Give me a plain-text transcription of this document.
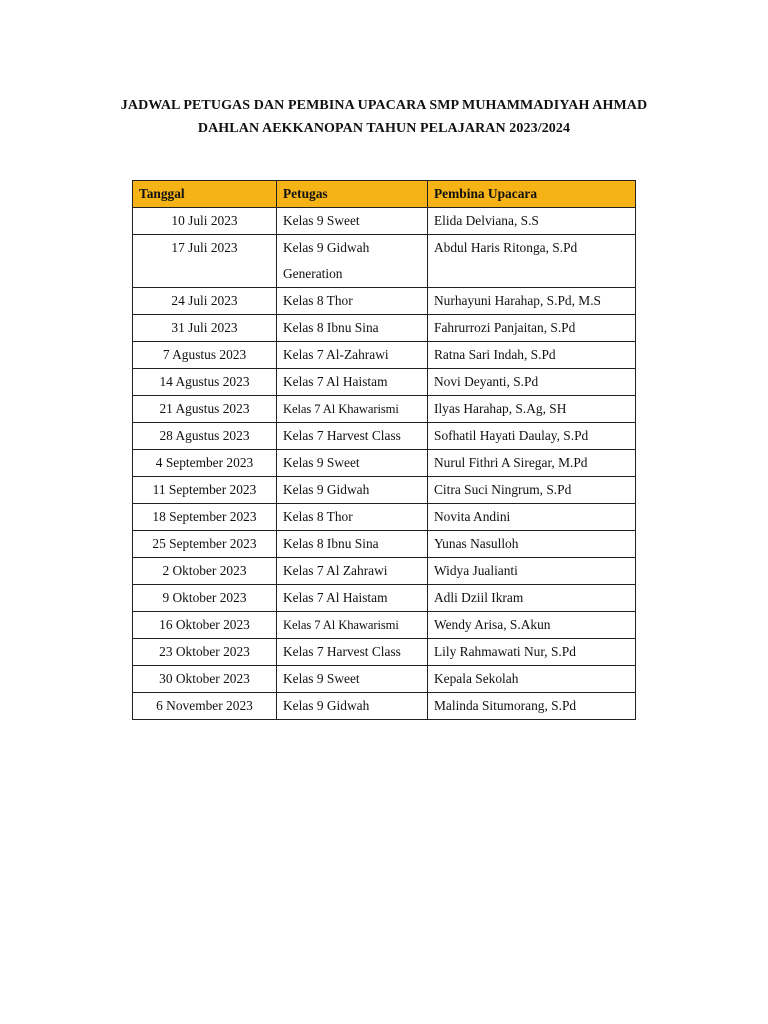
JADWAL PETUGAS DAN PEMBINA UPACARA SMP MUHAMMADIYAH AHMAD
DAHLAN AEKKANOPAN TAHUN PELAJARAN 2023/2024
Tanggal	Petugas	Pembina Upacara
10 Juli 2023	Kelas 9 Sweet	Elida Delviana, S.S
17 Juli 2023	Kelas 9 Gidwah Generation	Abdul Haris Ritonga, S.Pd
24 Juli 2023	Kelas 8 Thor	Nurhayuni Harahap, S.Pd, M.S
31 Juli 2023	Kelas 8 Ibnu Sina	Fahrurrozi Panjaitan, S.Pd
7 Agustus 2023	Kelas 7 Al-Zahrawi	Ratna Sari Indah, S.Pd
14 Agustus 2023	Kelas 7 Al Haistam	Novi Deyanti, S.Pd
21 Agustus 2023	Kelas 7 Al Khawarismi	Ilyas Harahap, S.Ag, SH
28 Agustus 2023	Kelas 7 Harvest Class	Sofhatil Hayati Daulay, S.Pd
4 September 2023	Kelas 9 Sweet	Nurul Fithri A Siregar, M.Pd
11 September 2023	Kelas 9 Gidwah	Citra Suci Ningrum, S.Pd
18 September 2023	Kelas 8 Thor	Novita Andini
25 September 2023	Kelas 8 Ibnu Sina	Yunas Nasulloh
2 Oktober 2023	Kelas 7 Al Zahrawi	Widya Jualianti
9 Oktober 2023	Kelas 7 Al Haistam	Adli Dziil Ikram
16 Oktober 2023	Kelas 7 Al Khawarismi	Wendy Arisa, S.Akun
23 Oktober 2023	Kelas 7 Harvest Class	Lily Rahmawati Nur, S.Pd
30 Oktober 2023	Kelas 9 Sweet	Kepala Sekolah
6 November 2023	Kelas 9 Gidwah	Malinda Situmorang, S.Pd
